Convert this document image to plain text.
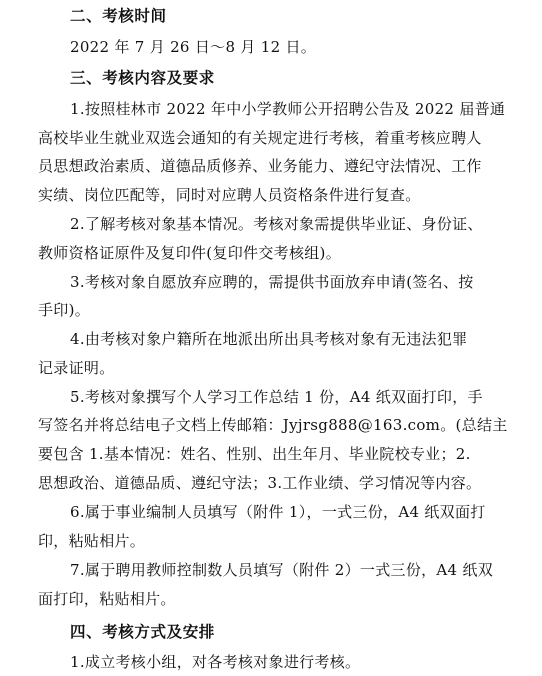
二、考核时间
2022 年 7 月 26 日～8 月 12 日。
三、考核内容及要求
1.按照桂林市 2022 年中小学教师公开招聘公告及 2022 届普通
高校毕业生就业双选会通知的有关规定进行考核，着重考核应聘人
员思想政治素质、道德品质修养、业务能力、遵纪守法情况、工作
实绩、岗位匹配等，同时对应聘人员资格条件进行复查。
2.了解考核对象基本情况。考核对象需提供毕业证、身份证、
教师资格证原件及复印件(复印件交考核组)。
3.考核对象自愿放弃应聘的，需提供书面放弃申请(签名、按
手印)。
4.由考核对象户籍所在地派出所出具考核对象有无违法犯罪
记录证明。
5.考核对象撰写个人学习工作总结 1 份，A4 纸双面打印，手
写签名并将总结电子文档上传邮箱：Jyjrsg888@163.com。(总结主
要包含 1.基本情况：姓名、性别、出生年月、毕业院校专业；2.
思想政治、道德品质、遵纪守法；3.工作业绩、学习情况等内容。
6.属于事业编制人员填写（附件 1），一式三份，A4 纸双面打
印，粘贴相片。
7.属于聘用教师控制数人员填写（附件 2）一式三份，A4 纸双
面打印，粘贴相片。
四、考核方式及安排
1.成立考核小组，对各考核对象进行考核。
